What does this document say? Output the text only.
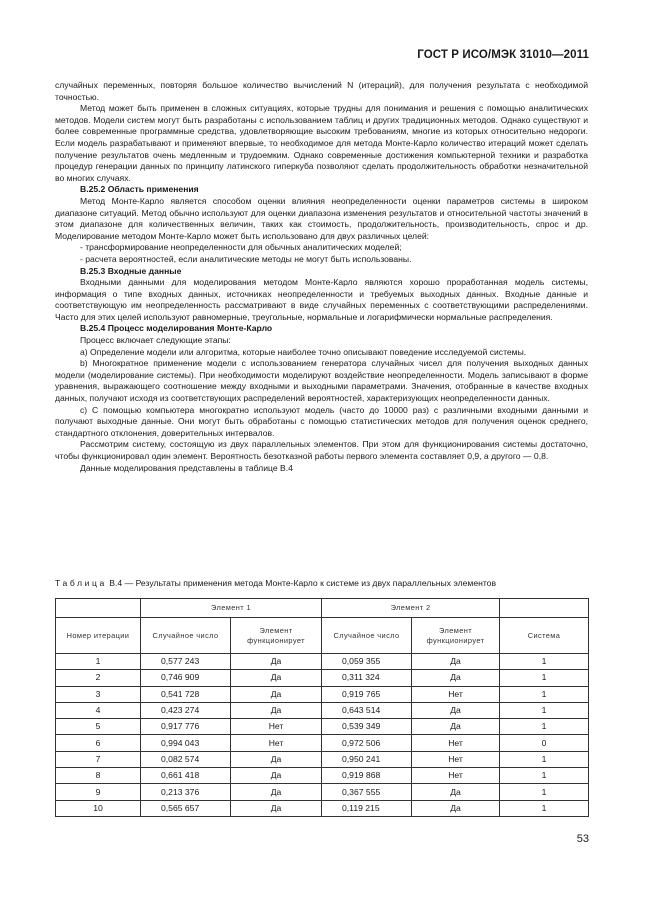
ГОСТ Р ИСО/МЭК 31010—2011

случайных переменных, повторяя большое количество вычислений N (итераций), для получения результата с необходимой точностью.

Метод может быть применен в сложных ситуациях, которые трудны для понимания и решения с помощью аналитических методов. Модели систем могут быть разработаны с использованием таблиц и других традиционных методов. Однако существуют и более современные программные средства, удовлетворяющие высоким требованиям, многие из которых относительно недороги. Если модель разрабатывают и применяют впервые, то необходимое для метода Монте-Карло количество итераций может сделать получение результатов очень медленным и трудоемким. Однако современные достижения компьютерной техники и разработка процедур генерации данных по принципу латинского гиперкуба позволяют сделать продолжительность обработки незначительной во многих случаях.

В.25.2 Область применения

Метод Монте-Карло является способом оценки влияния неопределенности оценки параметров системы в широком диапазоне ситуаций. Метод обычно используют для оценки диапазона изменения результатов и относительной частоты значений в этом диапазоне для количественных величин, таких как стоимость, продолжительность, производительность, спрос и др. Моделирование методом Монте-Карло может быть использовано для двух различных целей:

- трансформирование неопределенности для обычных аналитических моделей;

- расчета вероятностей, если аналитические методы не могут быть использованы.

В.25.3 Входные данные

Входными данными для моделирования методом Монте-Карло являются хорошо проработанная модель системы, информация о типе входных данных, источниках неопределенности и требуемых выходных данных. Входные данные и соответствующую им неопределенность рассматривают в виде случайных переменных с соответствующими распределениями. Часто для этих целей используют равномерные, треугольные, нормальные и логарифмически нормальные распределения.

В.25.4 Процесс моделирования Монте-Карло

Процесс включает следующие этапы:

а) Определение модели или алгоритма, которые наиболее точно описывают поведение исследуемой системы.

b) Многократное применение модели с использованием генератора случайных чисел для получения выходных данных модели (моделирование системы). При необходимости моделируют воздействие неопределенности. Модель записывают в форме уравнения, выражающего соотношение между входными и выходными параметрами. Значения, отобранные в качестве входных данных, получают исходя из соответствующих распределений вероятностей, характеризующих неопределенности данных.

с) С помощью компьютера многократно используют модель (часто до 10000 раз) с различными входными данными и получают выходные данные. Они могут быть обработаны с помощью статистических методов для получения оценок среднего, стандартного отклонения, доверительных интервалов.

Рассмотрим систему, состоящую из двух параллельных элементов. При этом для функционирования системы достаточно, чтобы функционировал один элемент. Вероятность безотказной работы первого элемента составляет 0,9, а другого — 0,8.

Данные моделирования представлены в таблице В.4

Таблица В.4 — Результаты применения метода Монте-Карло к системе из двух параллельных элементов
	Элемент 1		Элемент 2		
Номер итерации	Случайное число	Элемент функционирует	Случайное число	Элемент функционирует	Система
1	0,577 243	Да	0,059 355	Да	1
2	0,746 909	Да	0,311 324	Да	1
3	0,541 728	Да	0,919 765	Нет	1
4	0,423 274	Да	0,643 514	Да	1
5	0,917 776	Нет	0,539 349	Да	1
6	0,994 043	Нет	0,972 506	Нет	0
7	0,082 574	Да	0,950 241	Нет	1
8	0,661 418	Да	0,919 868	Нет	1
9	0,213 376	Да	0,367 555	Да	1
10	0,565 657	Да	0,119 215	Да	1
53
